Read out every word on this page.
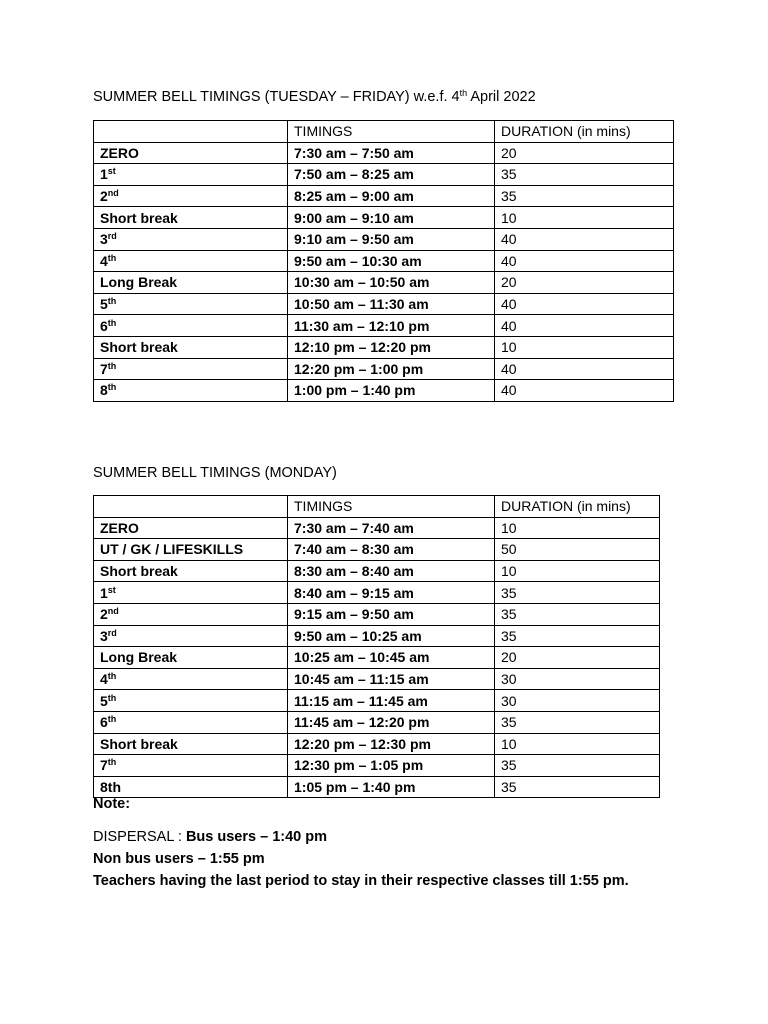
SUMMER BELL TIMINGS (TUESDAY – FRIDAY) w.e.f. 4th April 2022
	TIMINGS	DURATION (in mins)
ZERO	7:30 am – 7:50 am	20
1st	7:50 am – 8:25 am	35
2nd	8:25 am – 9:00 am	35
Short break	9:00 am – 9:10 am	10
3rd	9:10 am – 9:50 am	40
4th	9:50 am – 10:30 am	40
Long Break	10:30 am – 10:50 am	20
5th	10:50 am – 11:30 am	40
6th	11:30 am – 12:10 pm	40
Short break	12:10 pm – 12:20 pm	10
7th	12:20 pm – 1:00 pm	40
8th	1:00 pm – 1:40 pm	40
SUMMER BELL TIMINGS (MONDAY)
	TIMINGS	DURATION (in mins)
ZERO	7:30 am – 7:40 am	10
UT / GK / LIFESKILLS	7:40 am – 8:30 am	50
Short break	8:30 am – 8:40 am	10
1st	8:40 am – 9:15 am	35
2nd	9:15 am – 9:50 am	35
3rd	9:50 am – 10:25 am	35
Long Break	10:25 am – 10:45 am	20
4th	10:45 am – 11:15 am	30
5th	11:15 am – 11:45 am	30
6th	11:45 am – 12:20 pm	35
Short break	12:20 pm – 12:30 pm	10
7th	12:30 pm – 1:05 pm	35
8th	1:05 pm – 1:40 pm	35
Note:
DISPERSAL : Bus users – 1:40 pm
Non bus users – 1:55 pm
Teachers having the last period to stay in their respective classes till 1:55 pm.
